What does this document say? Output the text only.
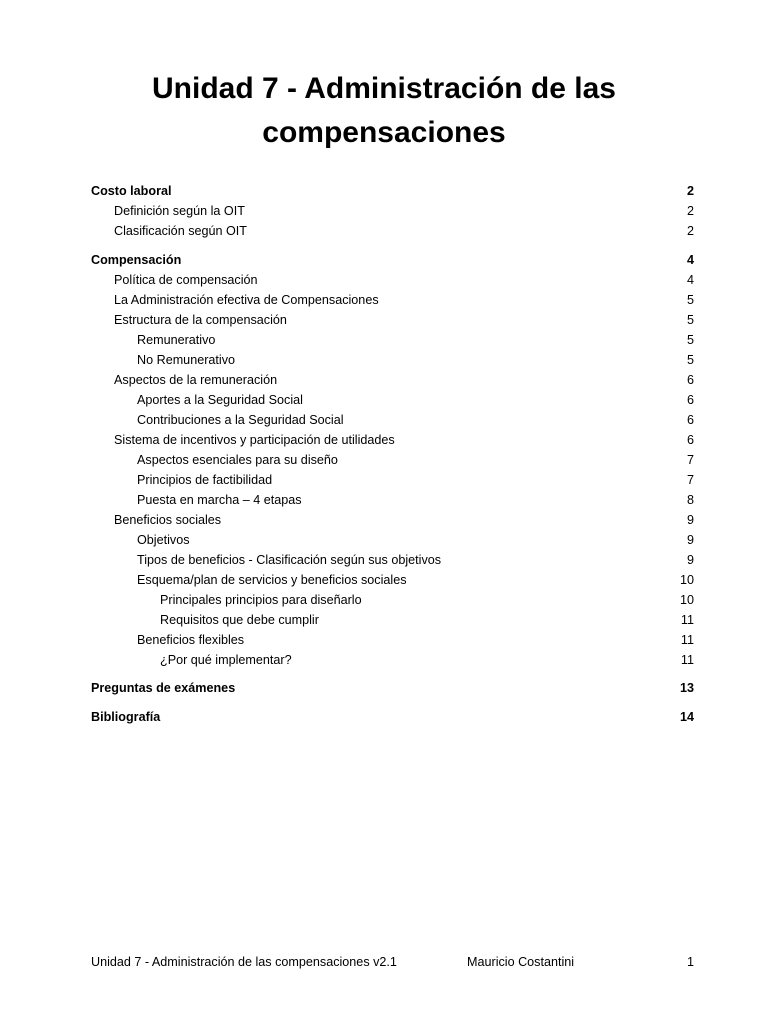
Unidad 7 - Administración de las
compensaciones
Costo laboral	2
Definición según la OIT	2
Clasificación según OIT	2
Compensación	4
Política de compensación	4
La Administración efectiva de Compensaciones	5
Estructura de la compensación	5
Remunerativo	5
No Remunerativo	5
Aspectos de la remuneración	6
Aportes a la Seguridad Social	6
Contribuciones a la Seguridad Social	6
Sistema de incentivos y participación de utilidades	6
Aspectos esenciales para su diseño	7
Principios de factibilidad	7
Puesta en marcha – 4 etapas	8
Beneficios sociales	9
Objetivos	9
Tipos de beneficios - Clasificación según sus objetivos	9
Esquema/plan de servicios y beneficios sociales	10
Principales principios para diseñarlo	10
Requisitos que debe cumplir	11
Beneficios flexibles	11
¿Por qué implementar?	11
Preguntas de exámenes	13
Bibliografía	14
Unidad 7 - Administración de las compensaciones v2.1	Mauricio Costantini	1
